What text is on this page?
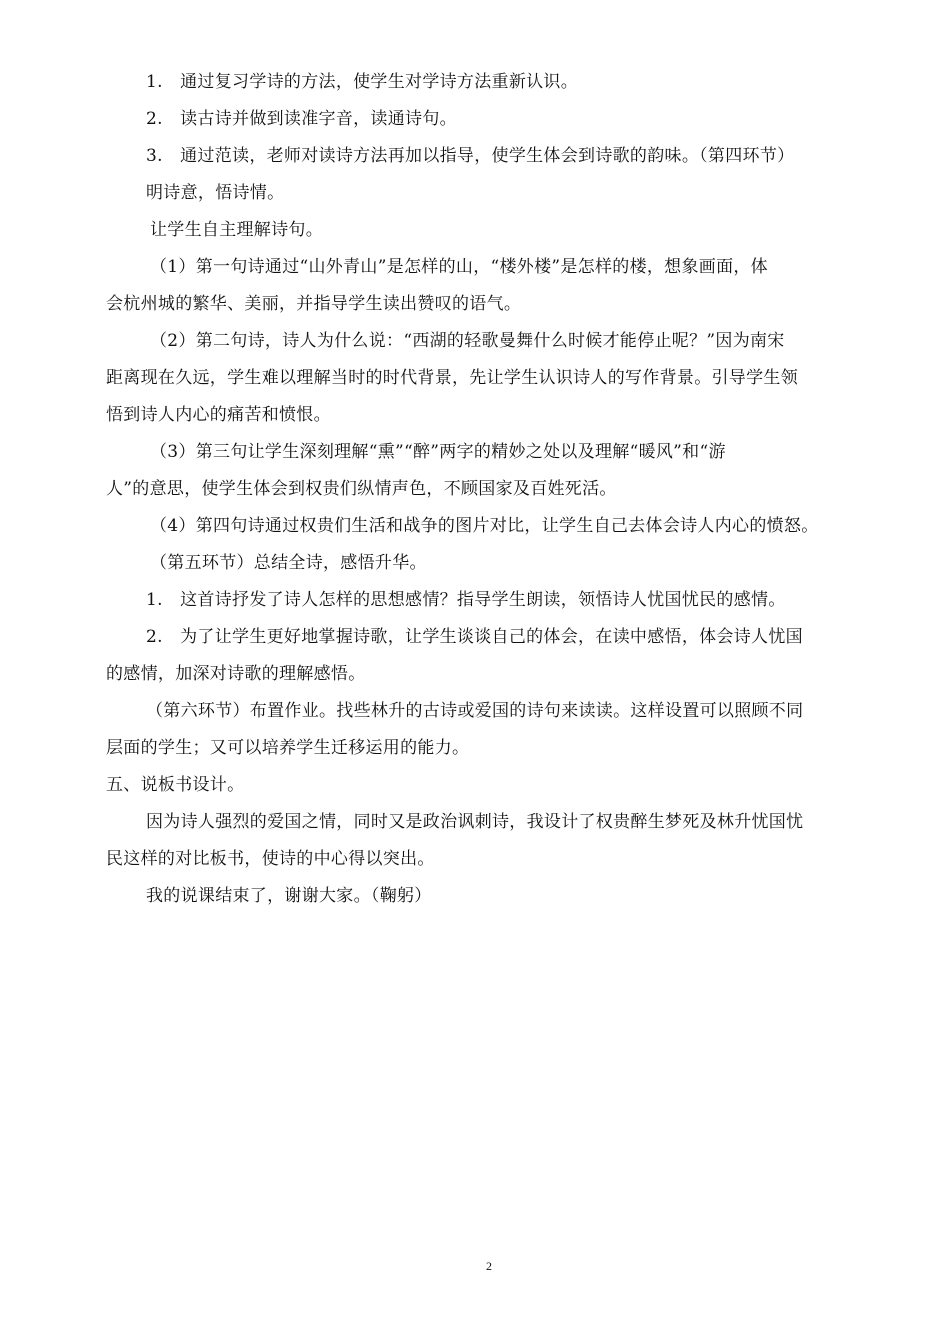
1.　通过复习学诗的方法，使学生对学诗方法重新认识。
2.　读古诗并做到读准字音，读通诗句。
3.　通过范读，老师对读诗方法再加以指导，使学生体会到诗歌的韵味。（第四环节）
明诗意，悟诗情。
让学生自主理解诗句。
（1）第一句诗通过“山外青山”是怎样的山，“楼外楼”是怎样的楼，想象画面，体
会杭州城的繁华、美丽，并指导学生读出赞叹的语气。
（2）第二句诗，诗人为什么说：“西湖的轻歌曼舞什么时候才能停止呢？”因为南宋
距离现在久远，学生难以理解当时的时代背景，先让学生认识诗人的写作背景。引导学生领
悟到诗人内心的痛苦和愤恨。
（3）第三句让学生深刻理解“熏”“醉”两字的精妙之处以及理解“暖风”和“游
人”的意思，使学生体会到权贵们纵情声色，不顾国家及百姓死活。
（4）第四句诗通过权贵们生活和战争的图片对比，让学生自己去体会诗人内心的愤怒。
（第五环节）总结全诗，感悟升华。
1.　这首诗抒发了诗人怎样的思想感情？指导学生朗读，领悟诗人忧国忧民的感情。
2.　为了让学生更好地掌握诗歌，让学生谈谈自己的体会，在读中感悟，体会诗人忧国
的感情，加深对诗歌的理解感悟。
（第六环节）布置作业。找些林升的古诗或爱国的诗句来读读。这样设置可以照顾不同
层面的学生；又可以培养学生迁移运用的能力。
五、说板书设计。
因为诗人强烈的爱国之情，同时又是政治讽刺诗，我设计了权贵醉生梦死及林升忧国忧
民这样的对比板书，使诗的中心得以突出。
我的说课结束了，谢谢大家。（鞠躬）
2
